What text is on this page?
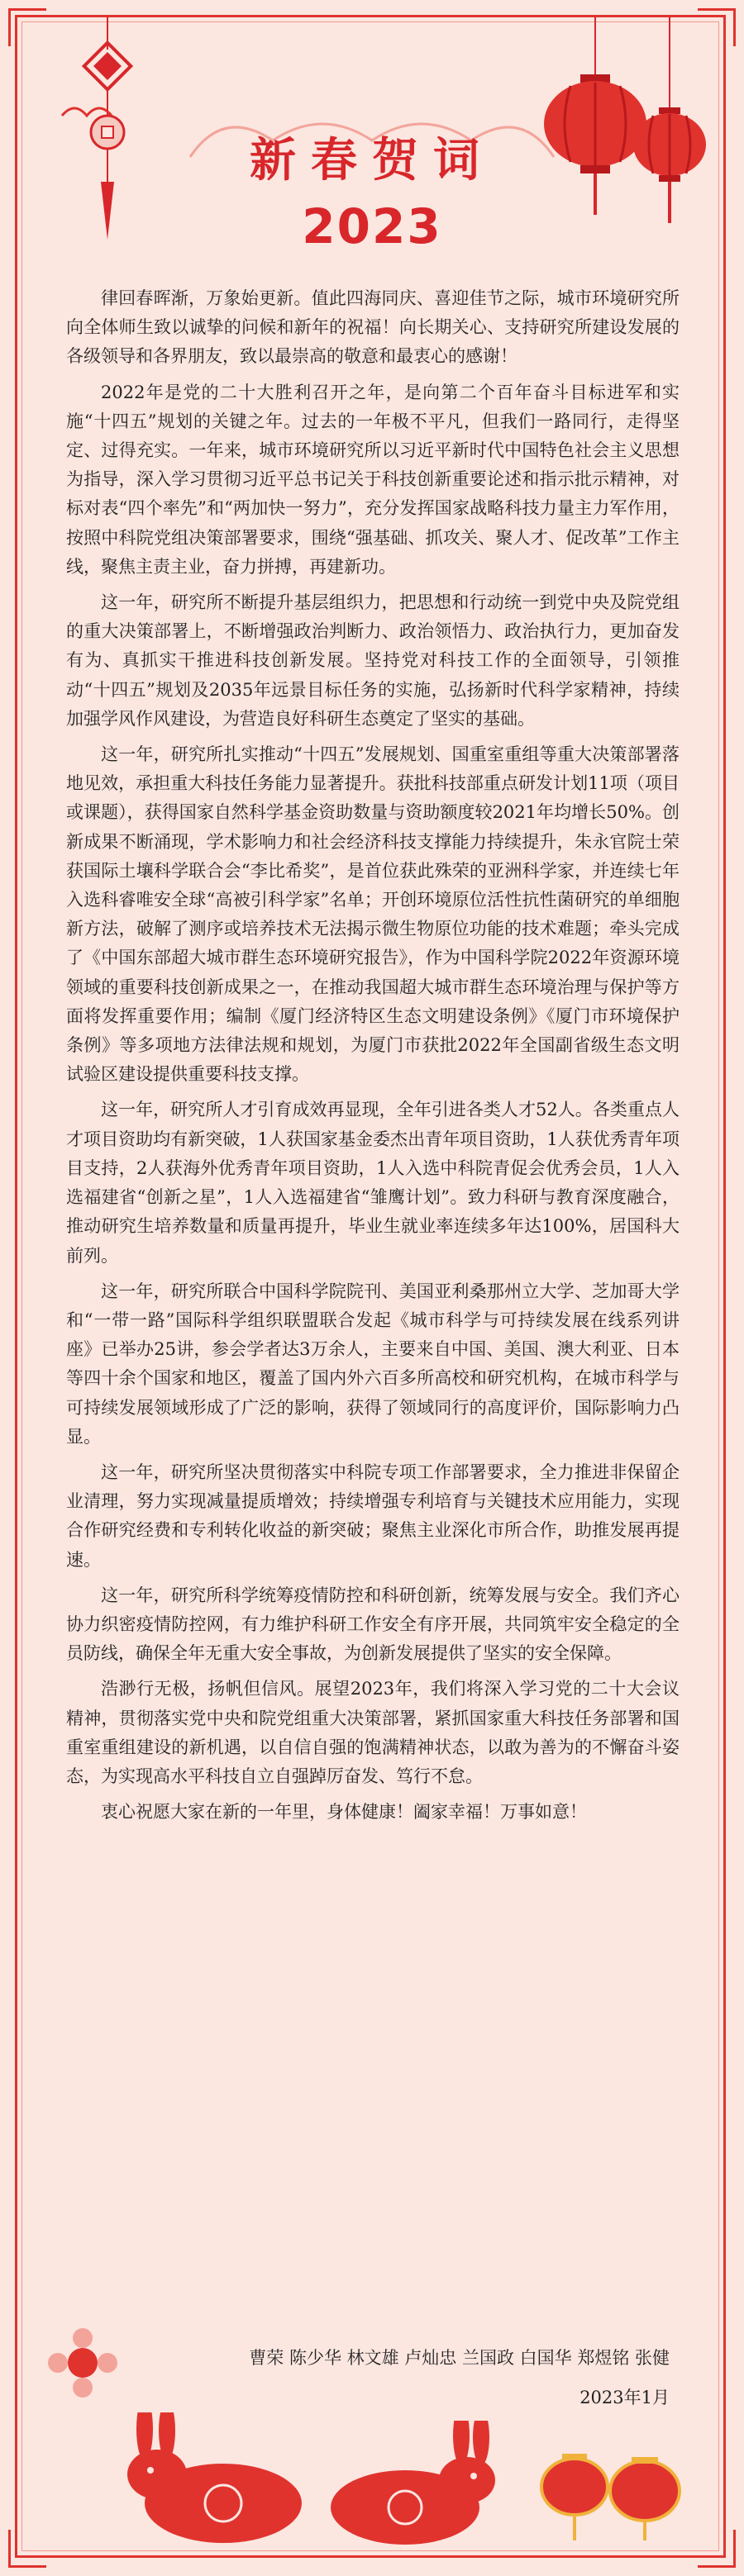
新春贺词
2023

律回春晖渐，万象始更新。值此四海同庆、喜迎佳节之际，城市环境研究所向全体师生致以诚挚的问候和新年的祝福！向长期关心、支持研究所建设发展的各级领导和各界朋友，致以最崇高的敬意和最衷心的感谢！

2022年是党的二十大胜利召开之年，是向第二个百年奋斗目标进军和实施“十四五”规划的关键之年。过去的一年极不平凡，但我们一路同行，走得坚定、过得充实。一年来，城市环境研究所以习近平新时代中国特色社会主义思想为指导，深入学习贯彻习近平总书记关于科技创新重要论述和指示批示精神，对标对表“四个率先”和“两加快一努力”，充分发挥国家战略科技力量主力军作用，按照中科院党组决策部署要求，围绕“强基础、抓攻关、聚人才、促改革”工作主线，聚焦主责主业，奋力拼搏，再建新功。

这一年，研究所不断提升基层组织力，把思想和行动统一到党中央及院党组的重大决策部署上，不断增强政治判断力、政治领悟力、政治执行力，更加奋发有为、真抓实干推进科技创新发展。坚持党对科技工作的全面领导，引领推动“十四五”规划及2035年远景目标任务的实施，弘扬新时代科学家精神，持续加强学风作风建设，为营造良好科研生态奠定了坚实的基础。

这一年，研究所扎实推动“十四五”发展规划、国重室重组等重大决策部署落地见效，承担重大科技任务能力显著提升。获批科技部重点研发计划11项（项目或课题），获得国家自然科学基金资助数量与资助额度较2021年均增长50%。创新成果不断涌现，学术影响力和社会经济科技支撑能力持续提升，朱永官院士荣获国际土壤科学联合会“李比希奖”，是首位获此殊荣的亚洲科学家，并连续七年入选科睿唯安全球“高被引科学家”名单；开创环境原位活性抗性菌研究的单细胞新方法，破解了测序或培养技术无法揭示微生物原位功能的技术难题；牵头完成了《中国东部超大城市群生态环境研究报告》，作为中国科学院2022年资源环境领域的重要科技创新成果之一，在推动我国超大城市群生态环境治理与保护等方面将发挥重要作用；编制《厦门经济特区生态文明建设条例》《厦门市环境保护条例》等多项地方法律法规和规划，为厦门市获批2022年全国副省级生态文明试验区建设提供重要科技支撑。

这一年，研究所人才引育成效再显现，全年引进各类人才52人。各类重点人才项目资助均有新突破，1人获国家基金委杰出青年项目资助，1人获优秀青年项目支持，2人获海外优秀青年项目资助，1人入选中科院青促会优秀会员，1人入选福建省“创新之星”，1人入选福建省“雏鹰计划”。致力科研与教育深度融合，推动研究生培养数量和质量再提升，毕业生就业率连续多年达100%，居国科大前列。

这一年，研究所联合中国科学院院刊、美国亚利桑那州立大学、芝加哥大学和“一带一路”国际科学组织联盟联合发起《城市科学与可持续发展在线系列讲座》已举办25讲，参会学者达3万余人，主要来自中国、美国、澳大利亚、日本等四十余个国家和地区，覆盖了国内外六百多所高校和研究机构，在城市科学与可持续发展领域形成了广泛的影响，获得了领域同行的高度评价，国际影响力凸显。

这一年，研究所坚决贯彻落实中科院专项工作部署要求，全力推进非保留企业清理，努力实现减量提质增效；持续增强专利培育与关键技术应用能力，实现合作研究经费和专利转化收益的新突破；聚焦主业深化市所合作，助推发展再提速。

这一年，研究所科学统筹疫情防控和科研创新，统筹发展与安全。我们齐心协力织密疫情防控网，有力维护科研工作安全有序开展，共同筑牢安全稳定的全员防线，确保全年无重大安全事故，为创新发展提供了坚实的安全保障。

浩渺行无极，扬帆但信风。展望2023年，我们将深入学习党的二十大会议精神，贯彻落实党中央和院党组重大决策部署，紧抓国家重大科技任务部署和国重室重组建设的新机遇，以自信自强的饱满精神状态，以敢为善为的不懈奋斗姿态，为实现高水平科技自立自强踔厉奋发、笃行不怠。

衷心祝愿大家在新的一年里，身体健康！阖家幸福！万事如意！

曹荣 陈少华 林文雄 卢灿忠 兰国政 白国华 郑煜铭 张健
2023年1月
